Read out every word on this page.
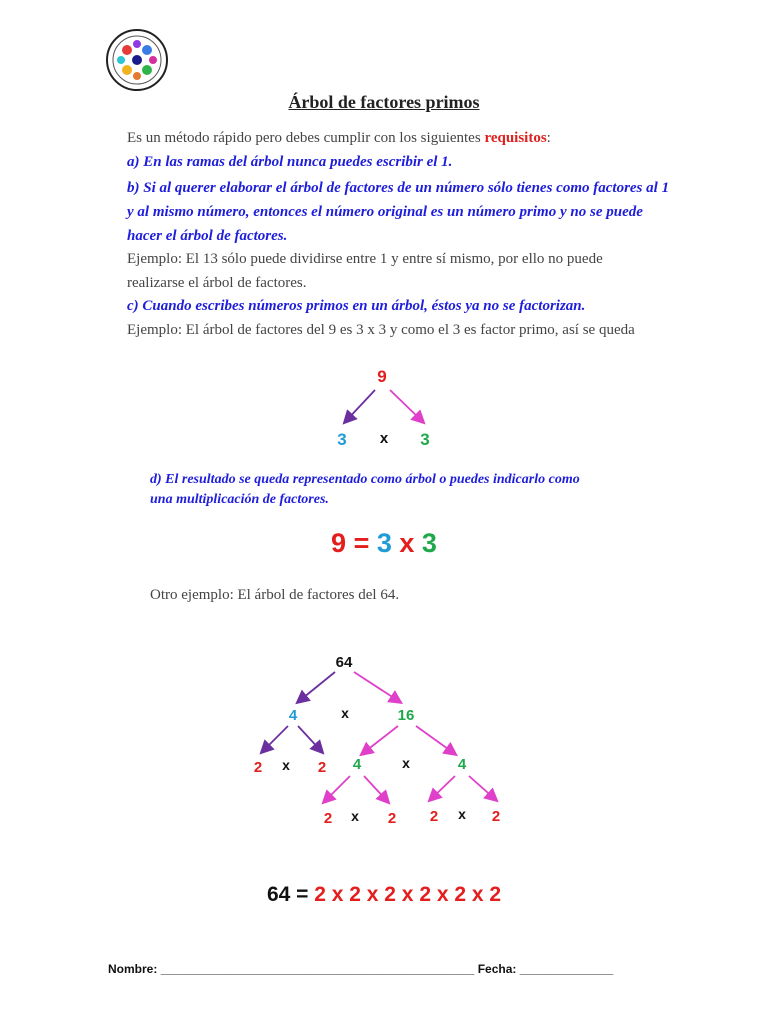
Árbol de factores primos
Es un método rápido pero debes cumplir con los siguientes requisitos:
a) En las ramas del árbol nunca puedes escribir el 1.
b) Si al querer elaborar el árbol de factores de un número sólo tienes como factores al 1
y al mismo número, entonces el número original es un número primo y no se puede
hacer el árbol de factores.
Ejemplo: El 13 sólo puede dividirse entre 1 y entre sí mismo, por ello no puede
realizarse el árbol de factores.
c) Cuando escribes números primos en un árbol, éstos ya no se factorizan.
Ejemplo: El árbol de factores del 9 es 3 x 3 y como el 3 es factor primo, así se queda
9
3 x 3
d) El resultado se queda representado como árbol o puedes indicarlo como
una multiplicación de factores.
9 = 3 x 3
Otro ejemplo: El árbol de factores del 64.
64
4	x	16
2 x 2 4	x	4
2 x 2 2 x 2
64 = 2 x 2 x 2 x 2 x 2 x 2
Nombre: _______________________________________________ Fecha: ______________
